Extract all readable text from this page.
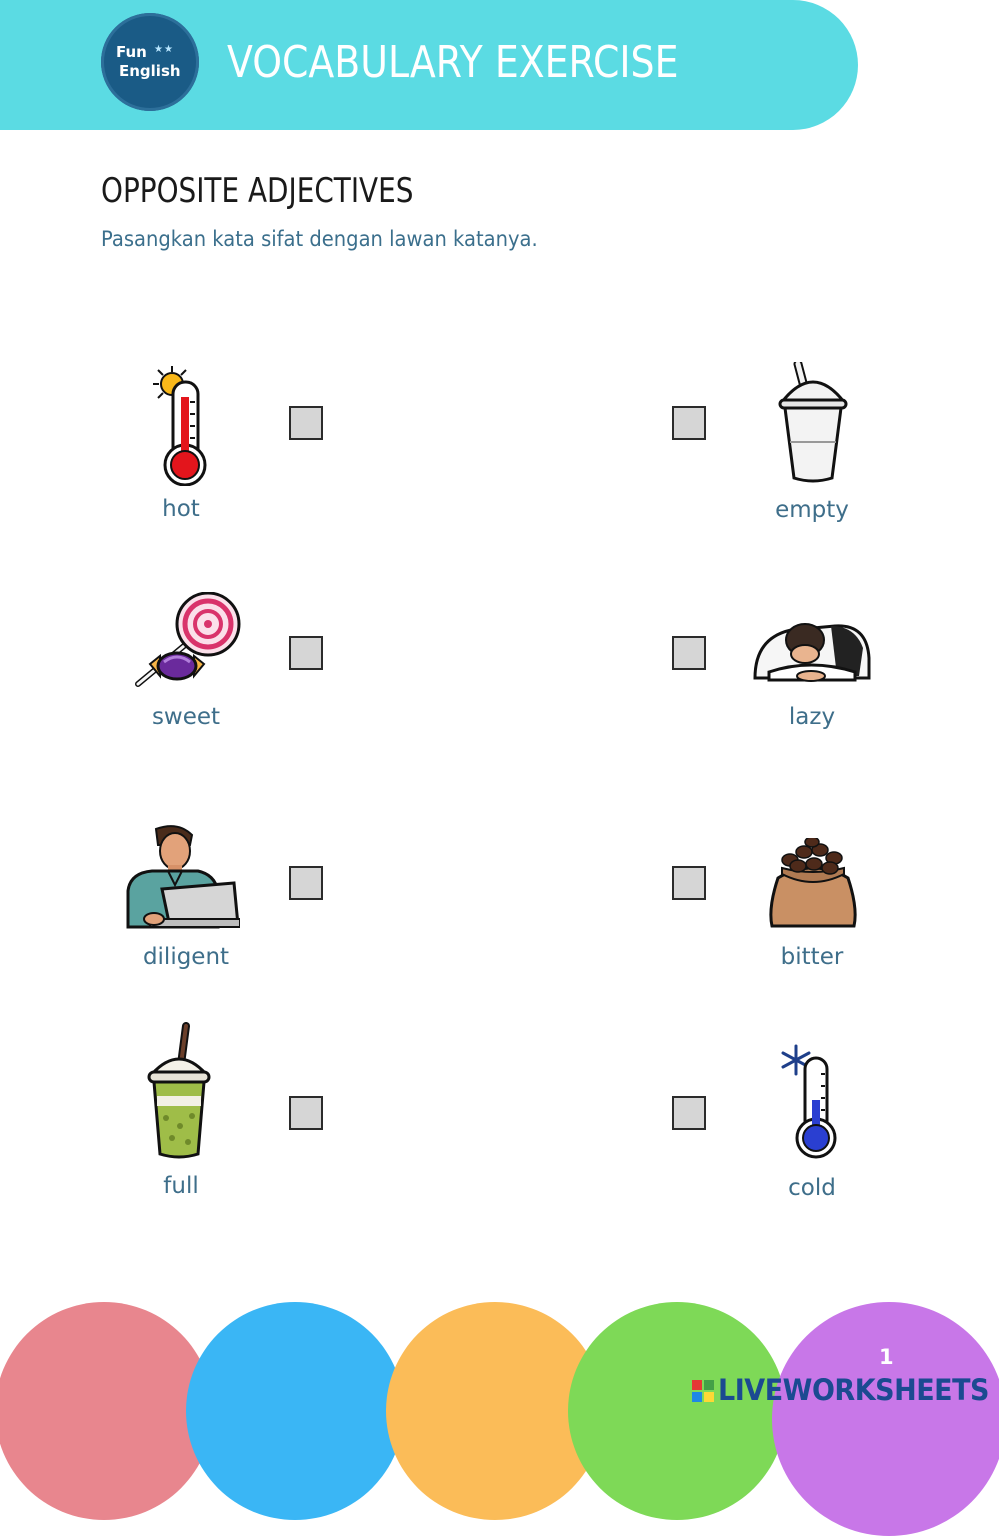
Fun ★★
English VOCABULARY EXERCISE
OPPOSITE ADJECTIVES
Pasangkan kata sifat dengan lawan katanya.
hot	empty
sweet	lazy
diligent	bitter
full	cold
1
LIVEWORKSHEETS
